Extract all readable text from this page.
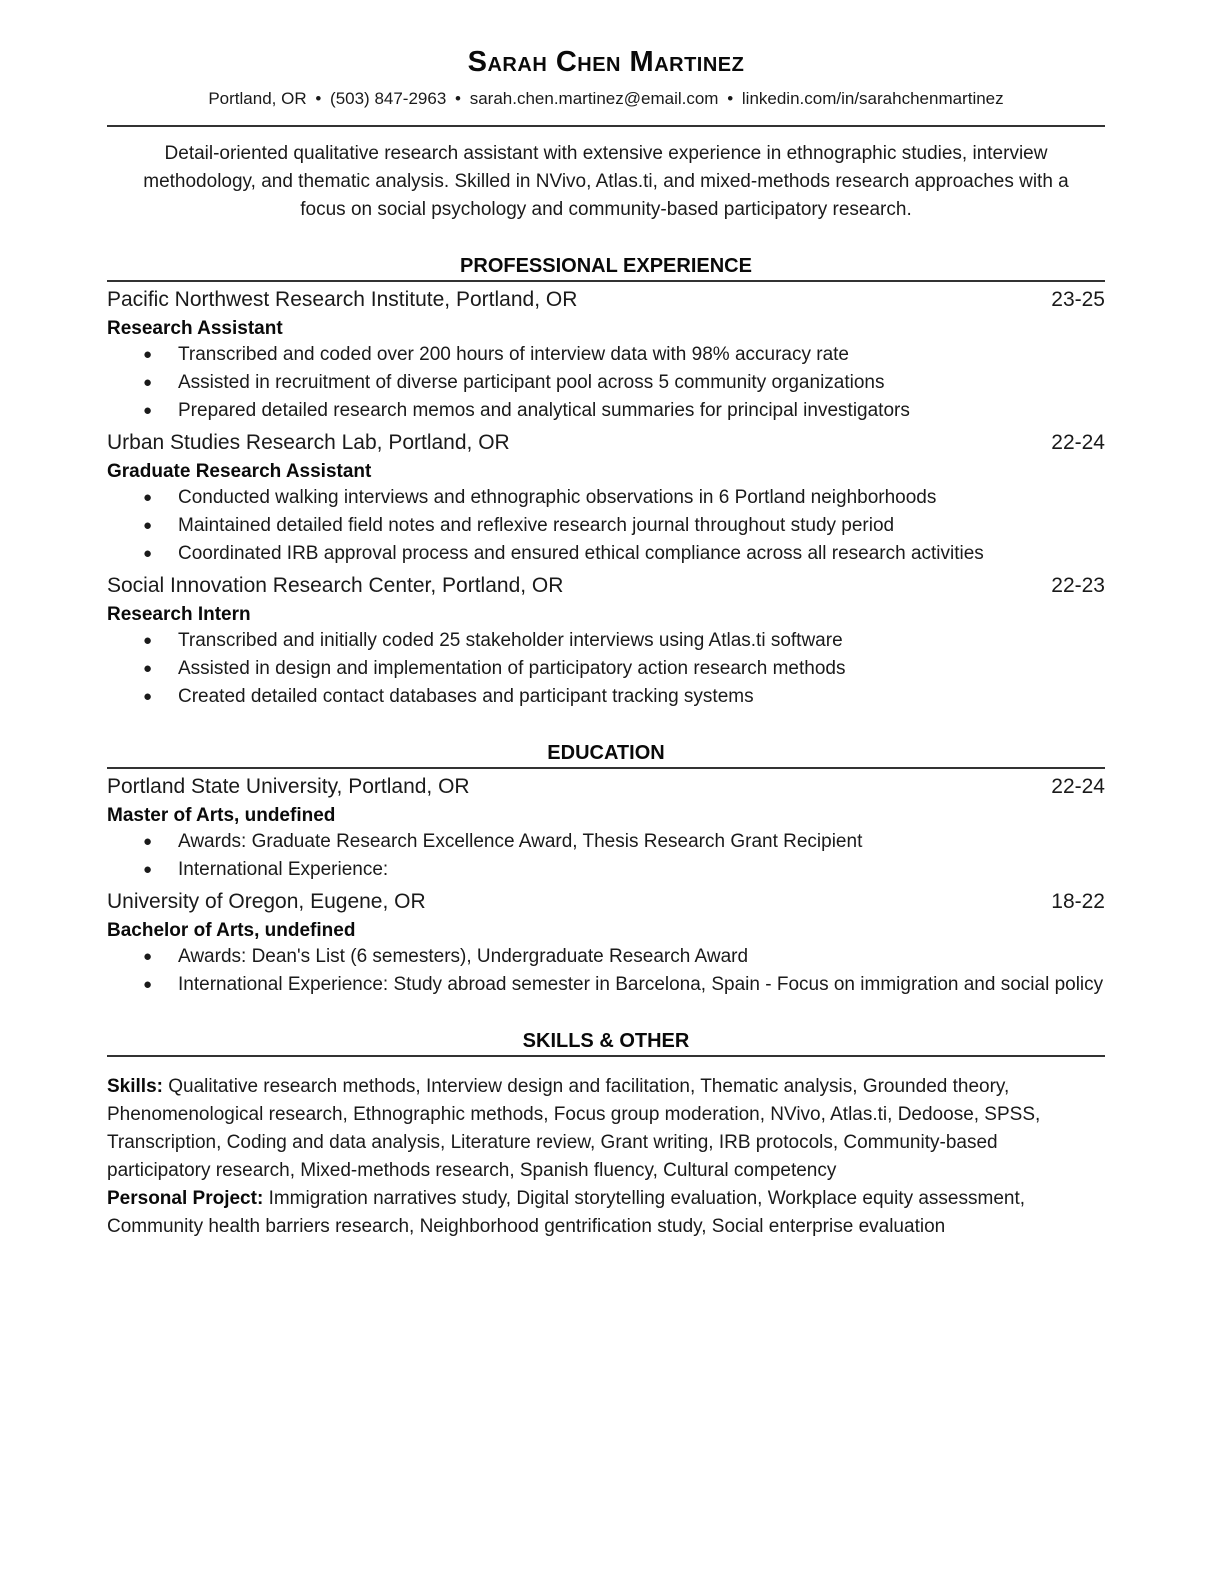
Sarah Chen Martinez
Portland, OR • (503) 847-2963 • sarah.chen.martinez@email.com • linkedin.com/in/sarahchenmartinez

Detail-oriented qualitative research assistant with extensive experience in ethnographic studies, interview methodology, and thematic analysis. Skilled in NVivo, Atlas.ti, and mixed-methods research approaches with a focus on social psychology and community-based participatory research.

PROFESSIONAL EXPERIENCE
Pacific Northwest Research Institute, Portland, OR	23-25
Research Assistant
● Transcribed and coded over 200 hours of interview data with 98% accuracy rate
● Assisted in recruitment of diverse participant pool across 5 community organizations
● Prepared detailed research memos and analytical summaries for principal investigators
Urban Studies Research Lab, Portland, OR	22-24
Graduate Research Assistant
● Conducted walking interviews and ethnographic observations in 6 Portland neighborhoods
● Maintained detailed field notes and reflexive research journal throughout study period
● Coordinated IRB approval process and ensured ethical compliance across all research activities
Social Innovation Research Center, Portland, OR	22-23
Research Intern
● Transcribed and initially coded 25 stakeholder interviews using Atlas.ti software
● Assisted in design and implementation of participatory action research methods
● Created detailed contact databases and participant tracking systems
EDUCATION
Portland State University, Portland, OR	22-24
Master of Arts, undefined
● Awards: Graduate Research Excellence Award, Thesis Research Grant Recipient
● International Experience:
University of Oregon, Eugene, OR	18-22
Bachelor of Arts, undefined
● Awards: Dean's List (6 semesters), Undergraduate Research Award
● International Experience: Study abroad semester in Barcelona, Spain - Focus on immigration and social policy
SKILLS & OTHER

Skills: Qualitative research methods, Interview design and facilitation, Thematic analysis, Grounded theory, Phenomenological research, Ethnographic methods, Focus group moderation, NVivo, Atlas.ti, Dedoose, SPSS, Transcription, Coding and data analysis, Literature review, Grant writing, IRB protocols, Community-based participatory research, Mixed-methods research, Spanish fluency, Cultural competency

Personal Project: Immigration narratives study, Digital storytelling evaluation, Workplace equity assessment, Community health barriers research, Neighborhood gentrification study, Social enterprise evaluation
